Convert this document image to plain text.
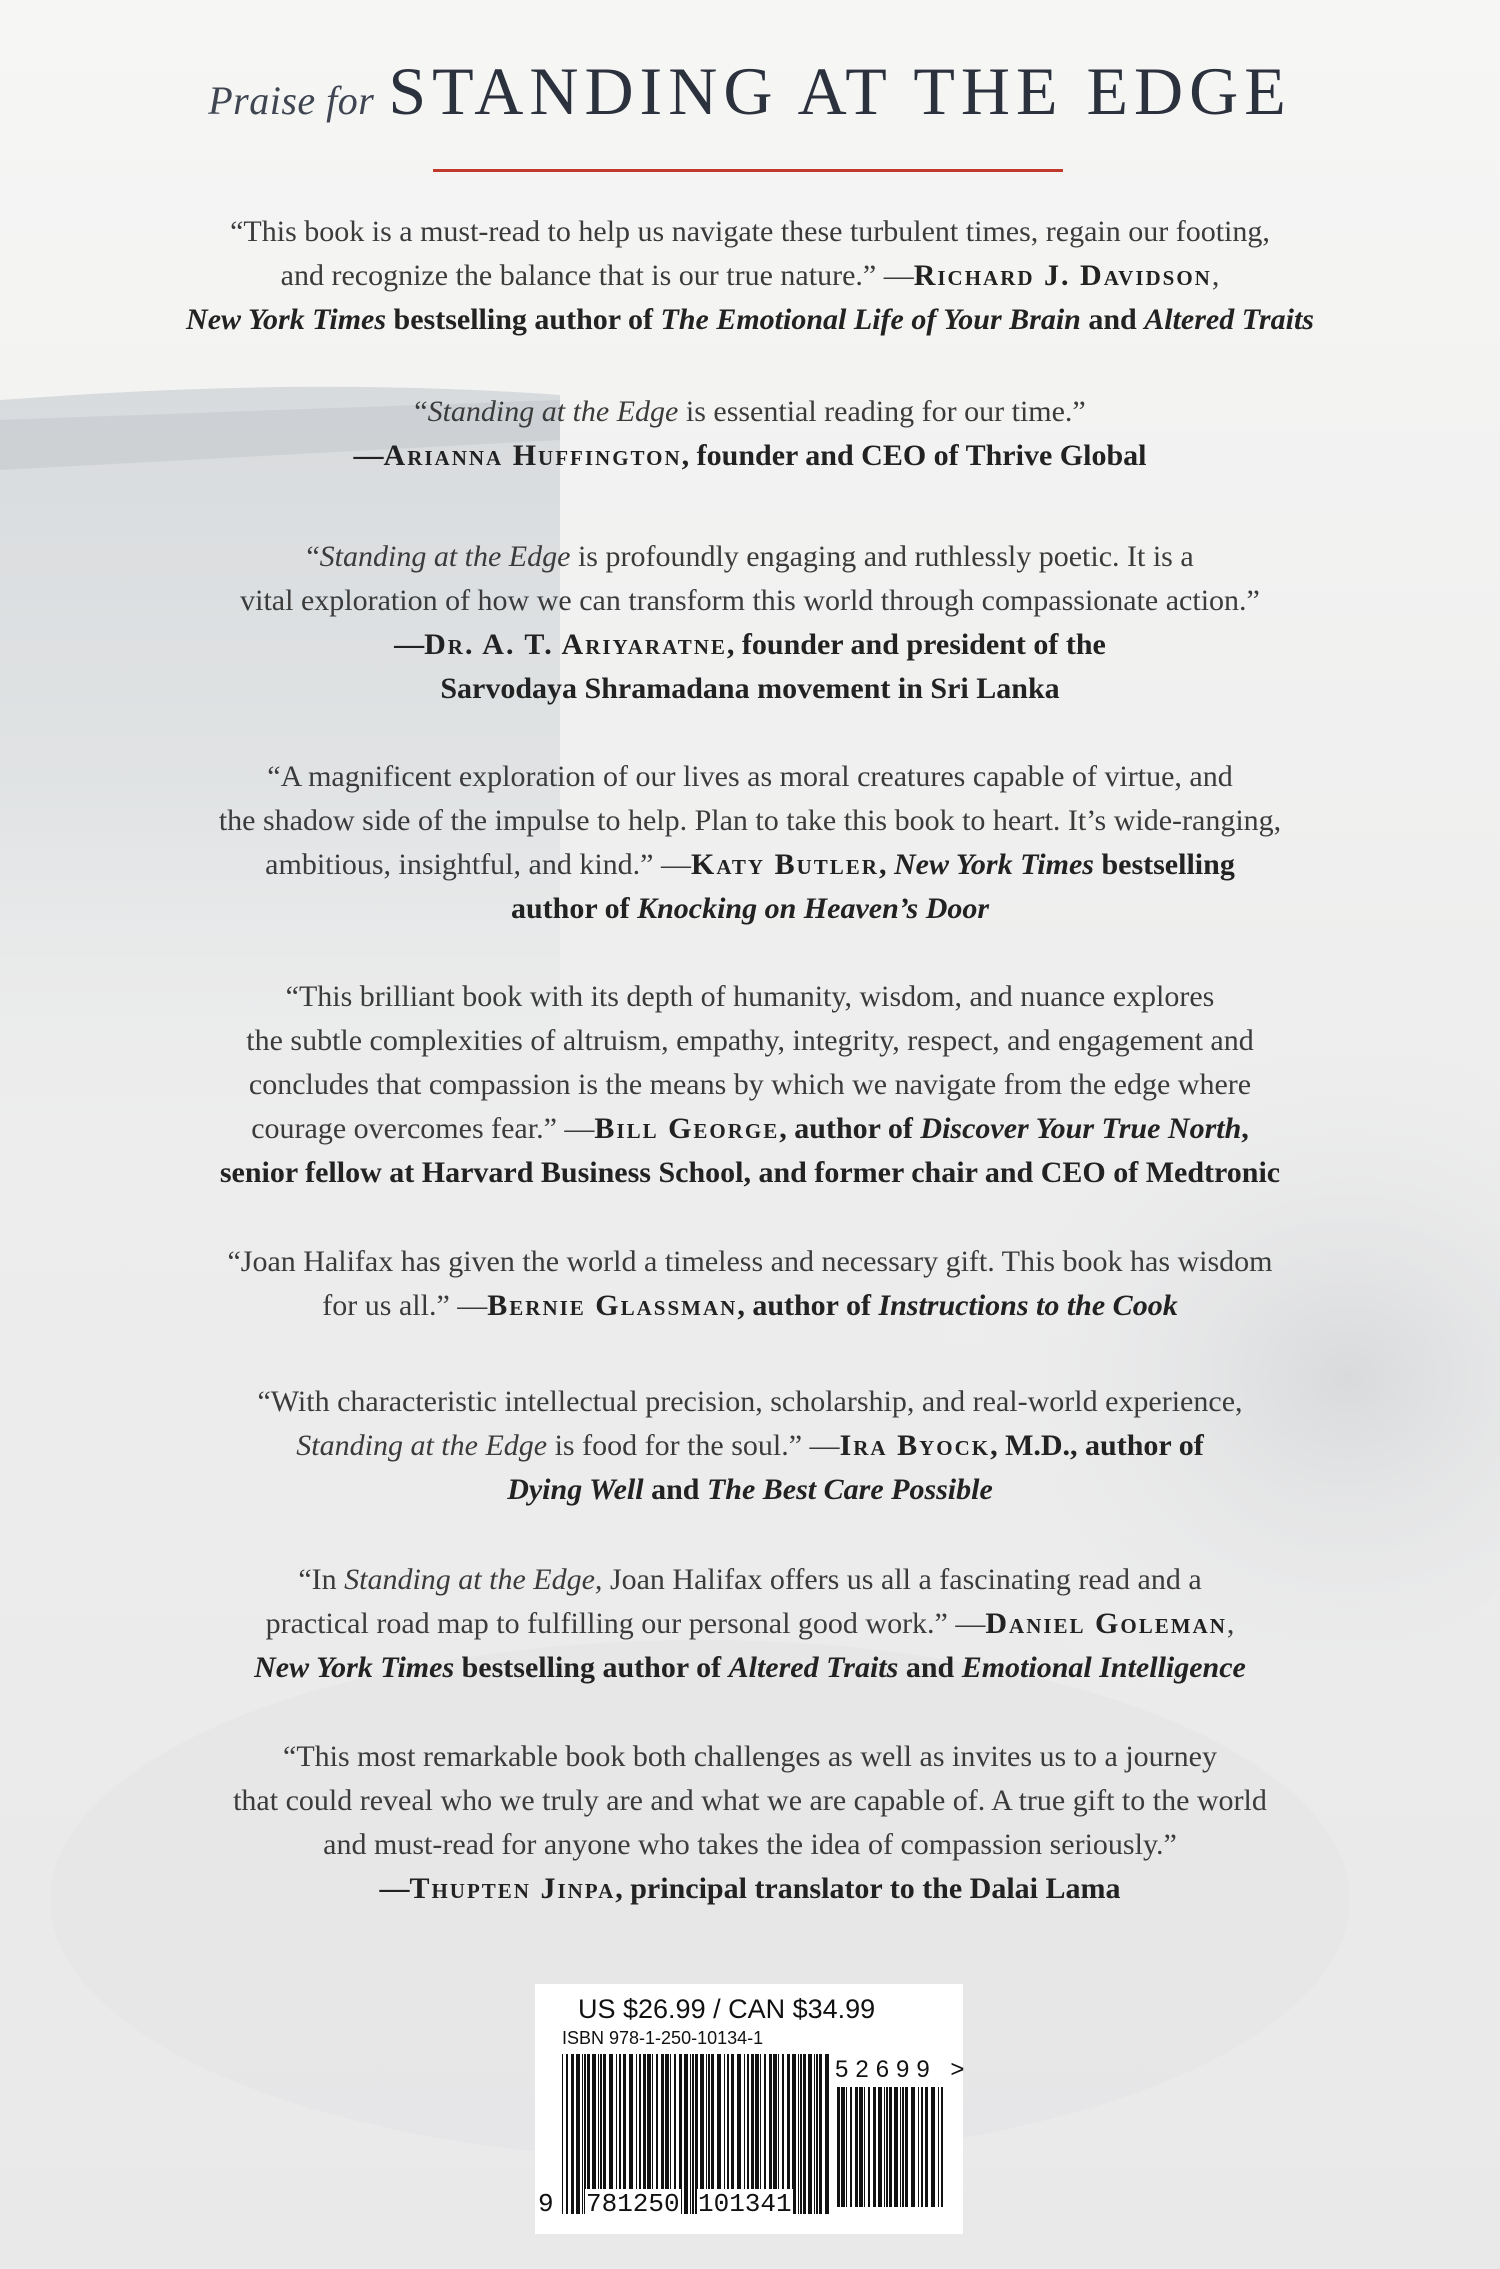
Praise for STANDING AT THE EDGE
“This book is a must-read to help us navigate these turbulent times, regain our footing,
and recognize the balance that is our true nature.” —Richard J. Davidson,
New York Times bestselling author of The Emotional Life of Your Brain and Altered Traits
“Standing at the Edge is essential reading for our time.”
—Arianna Huffington, founder and CEO of Thrive Global
“Standing at the Edge is profoundly engaging and ruthlessly poetic. It is a
vital exploration of how we can transform this world through compassionate action.”
—Dr. A. T. Ariyaratne, founder and president of the
Sarvodaya Shramadana movement in Sri Lanka
“A magnificent exploration of our lives as moral creatures capable of virtue, and
the shadow side of the impulse to help. Plan to take this book to heart. It’s wide-ranging,
ambitious, insightful, and kind.” —Katy Butler, New York Times bestselling
author of Knocking on Heaven’s Door
“This brilliant book with its depth of humanity, wisdom, and nuance explores
the subtle complexities of altruism, empathy, integrity, respect, and engagement and
concludes that compassion is the means by which we navigate from the edge where
courage overcomes fear.” —Bill George, author of Discover Your True North,
senior fellow at Harvard Business School, and former chair and CEO of Medtronic
“Joan Halifax has given the world a timeless and necessary gift. This book has wisdom
for us all.” —Bernie Glassman, author of Instructions to the Cook
“With characteristic intellectual precision, scholarship, and real-world experience,
Standing at the Edge is food for the soul.” —Ira Byock, M.D., author of
Dying Well and The Best Care Possible
“In Standing at the Edge, Joan Halifax offers us all a fascinating read and a
practical road map to fulfilling our personal good work.” —Daniel Goleman,
New York Times bestselling author of Altered Traits and Emotional Intelligence
“This most remarkable book both challenges as well as invites us to a journey
that could reveal who we truly are and what we are capable of. A true gift to the world
and must-read for anyone who takes the idea of compassion seriously.”
—Thupten Jinpa, principal translator to the Dalai Lama
US $26.99 / CAN $34.99
ISBN 978-1-250-10134-1
9 781250 101341
52699 >
